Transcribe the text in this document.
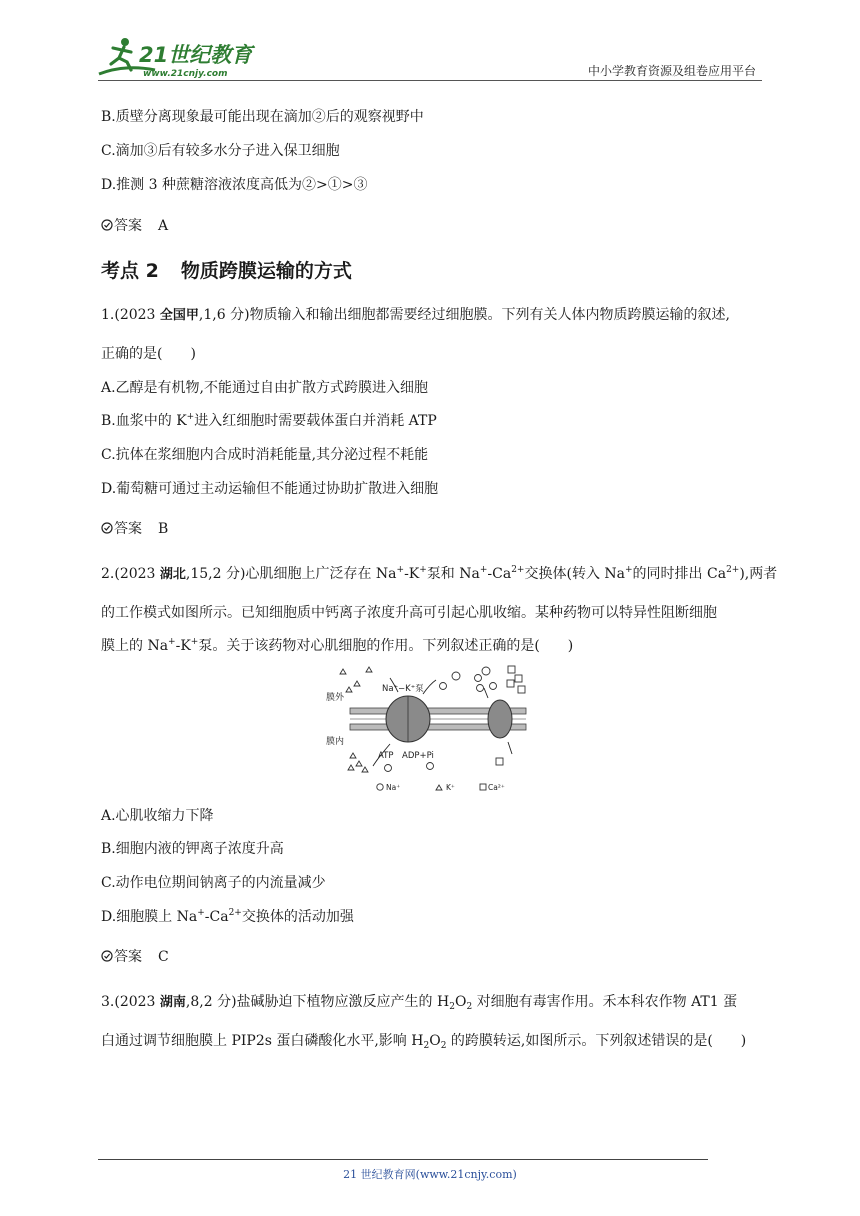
21世纪教育
www.21cnjy.com	中小学教育资源及组卷应用平台
B.质壁分离现象最可能出现在滴加②后的观察视野中
C.滴加③后有较多水分子进入保卫细胞
D.推测 3 种蔗糖溶液浓度高低为②>①>③
答案 A
考点 2 物质跨膜运输的方式
1.(2023 全国甲,1,6 分)物质输入和输出细胞都需要经过细胞膜。下列有关人体内物质跨膜运输的叙述,
正确的是(　　)
A.乙醇是有机物,不能通过自由扩散方式跨膜进入细胞
B.血浆中的 K+进入红细胞时需要载体蛋白并消耗 ATP
C.抗体在浆细胞内合成时消耗能量,其分泌过程不耗能
D.葡萄糖可通过主动运输但不能通过协助扩散进入细胞
答案 B
2.(2023 湖北,15,2 分)心肌细胞上广泛存在 Na+-K+泵和 $Na^+-Ca^{2+}$交换体(转入 Na+的同时排出 $Ca^{2+}$),两者
的工作模式如图所示。已知细胞质中钙离子浓度升高可引起心肌收缩。某种药物可以特异性阻断细胞
膜上的 Na+-K+泵。关于该药物对心肌细胞的作用。下列叙述正确的是(　　)
膜外
Na⁺−K⁺泵
膜内
ATP ADP+Pi
Na⁺	K⁺	Ca²⁺
A.心肌收缩力下降
B.细胞内液的钾离子浓度升高
C.动作电位期间钠离子的内流量减少
D.细胞膜上 $Na^+-Ca^{2+}$交换体的活动加强
答案 C
3.(2023 湖南,8,2 分)盐碱胁迫下植物应激反应产生的 $H_2O_2$ 对细胞有毒害作用。禾本科农作物 AT1 蛋
白通过调节细胞膜上 PIP2s 蛋白磷酸化水平,影响 $H_2O_2$ 的跨膜转运,如图所示。下列叙述错误的是(　　)
21 世纪教育网(www.21cnjy.com)
